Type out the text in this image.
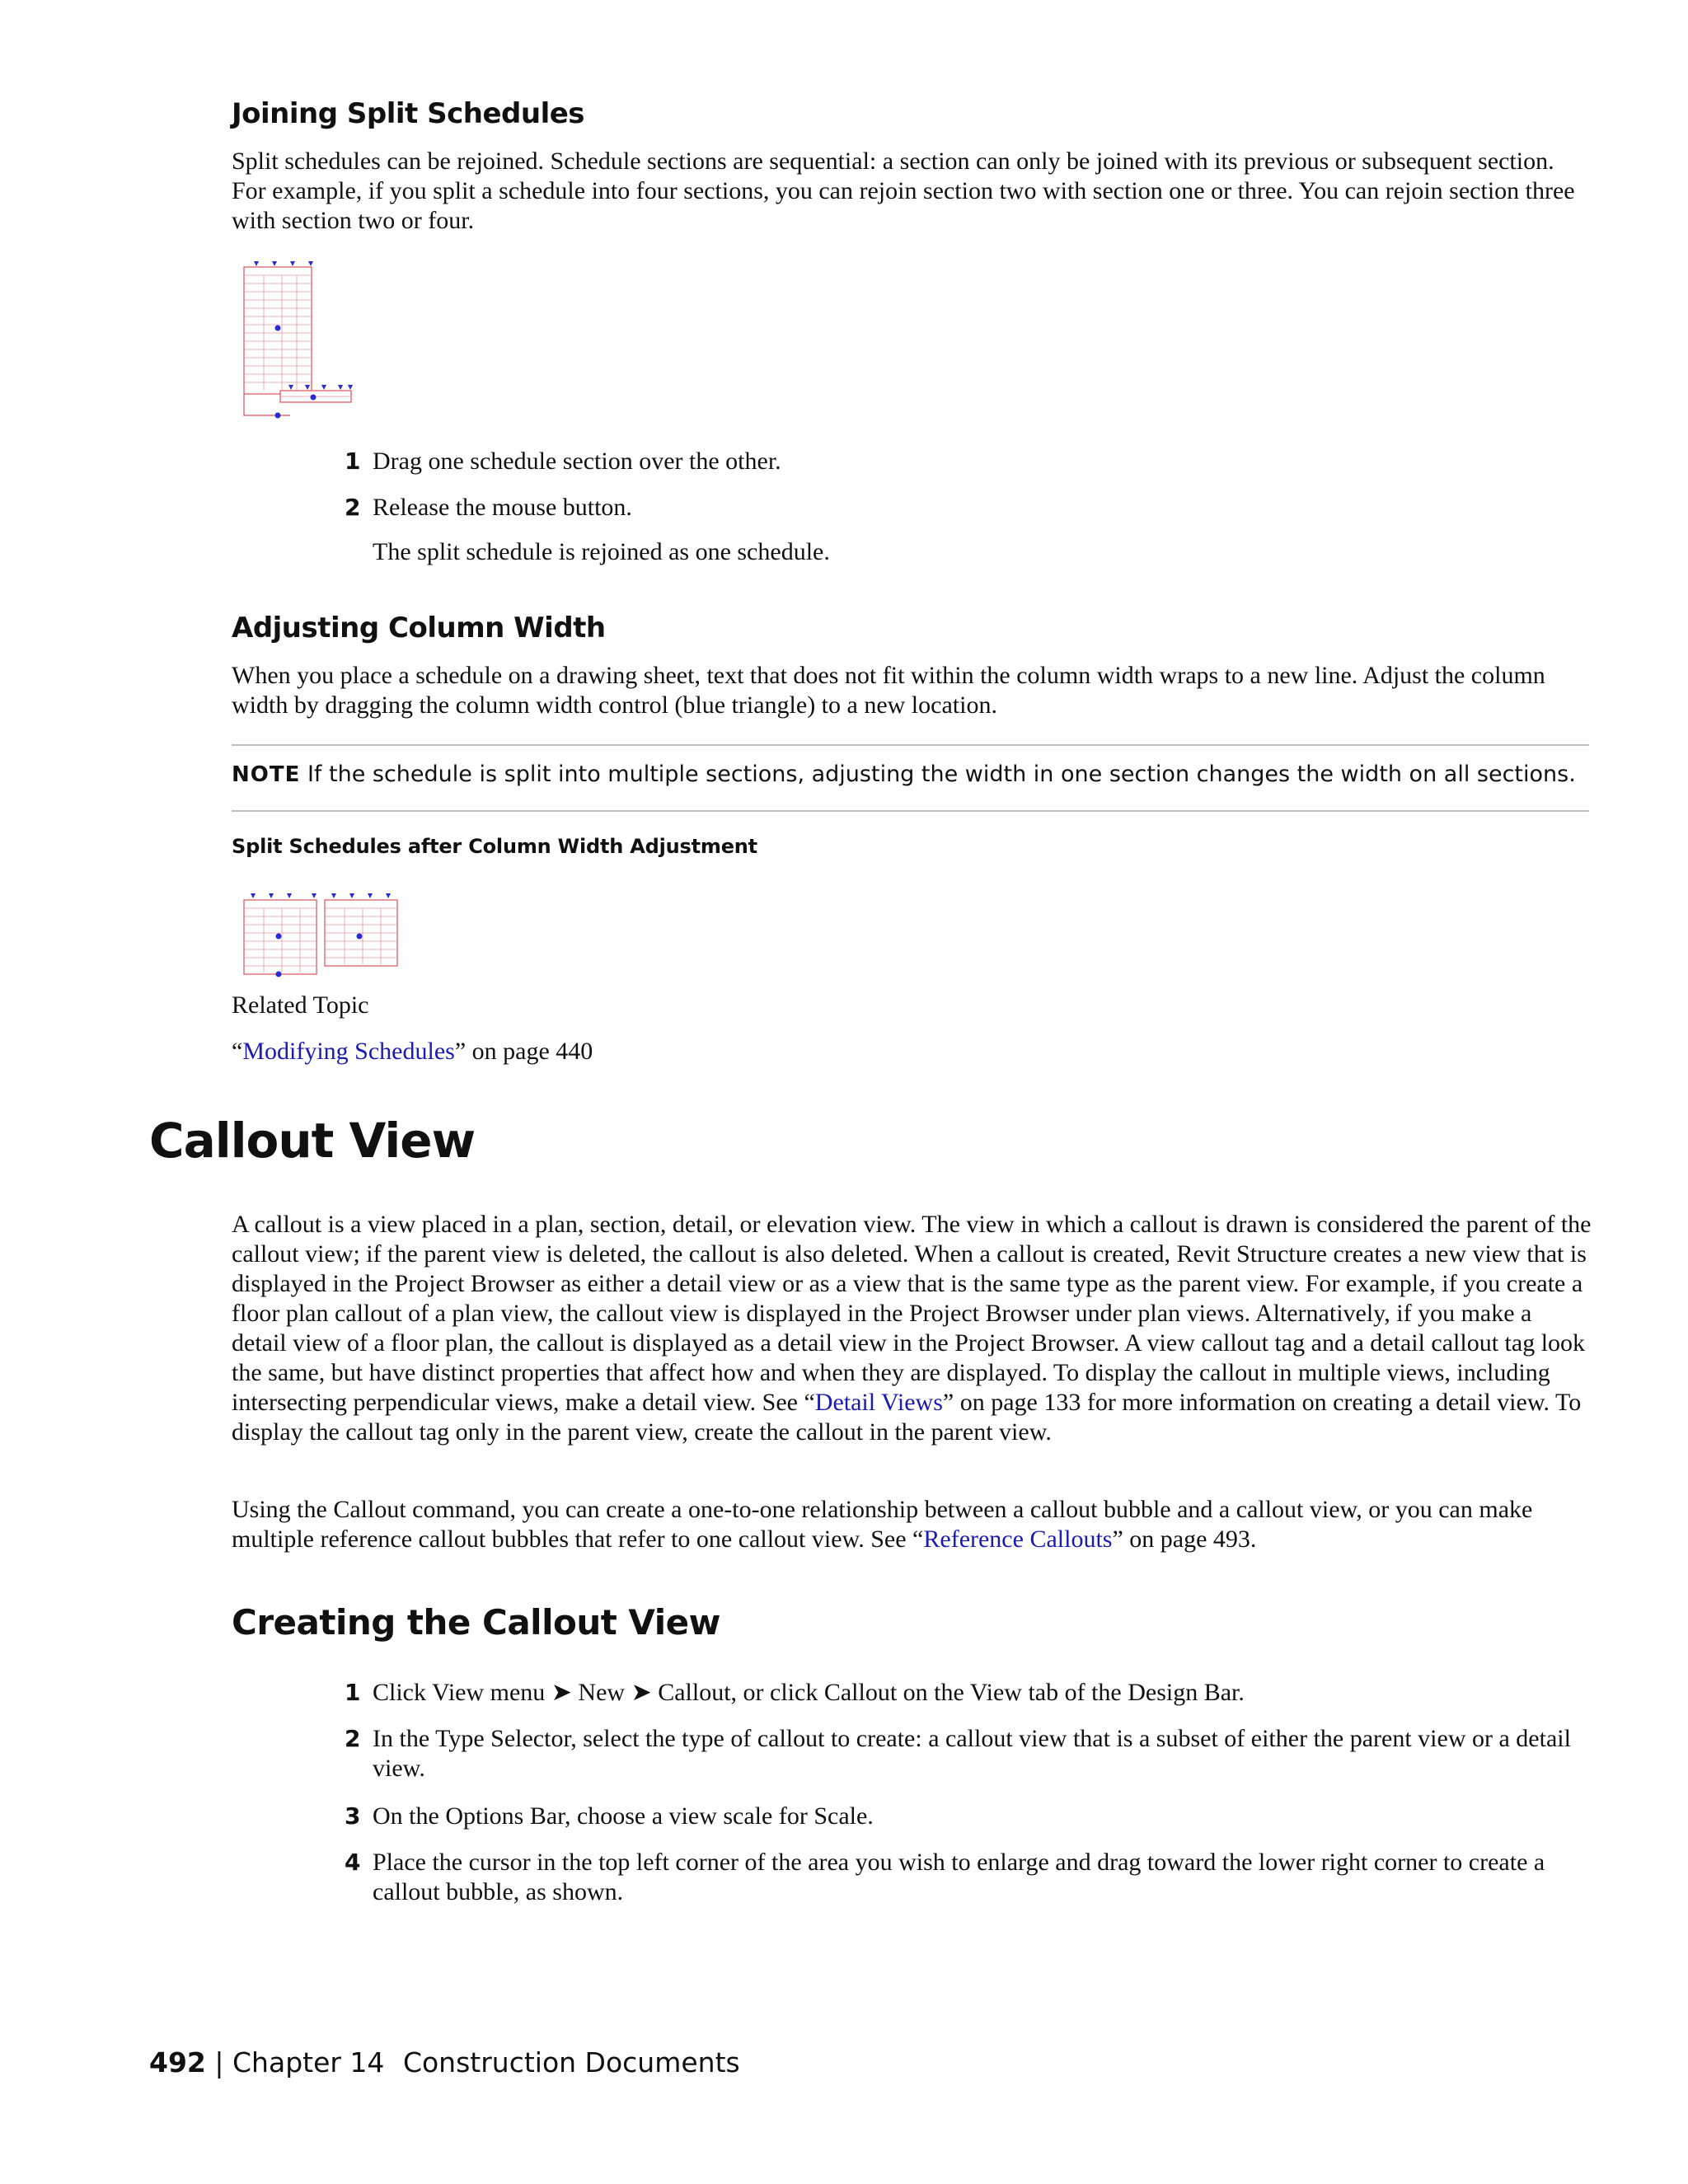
Joining Split Schedules

Split schedules can be rejoined. Schedule sections are sequential: a section can only be joined with its previous or subsequent section. For example, if you split a schedule into four sections, you can rejoin section two with section one or three. You can rejoin section three with section two or four.

1 Drag one schedule section over the other.
2 Release the mouse button.

The split schedule is rejoined as one schedule.

Adjusting Column Width

When you place a schedule on a drawing sheet, text that does not fit within the column width wraps to a new line. Adjust the column width by dragging the column width control (blue triangle) to a new location.

NOTE If the schedule is split into multiple sections, adjusting the width in one section changes the width on all sections.
Split Schedules after Column Width Adjustment

Related Topic

“Modifying Schedules” on page 440

Callout View

A callout is a view placed in a plan, section, detail, or elevation view. The view in which a callout is drawn is considered the parent of the callout view; if the parent view is deleted, the callout is also deleted. When a callout is created, Revit Structure creates a new view that is displayed in the Project Browser as either a detail view or as a view that is the same type as the parent view. For example, if you create a floor plan callout of a plan view, the callout view is displayed in the Project Browser under plan views. Alternatively, if you make a detail view of a floor plan, the callout is displayed as a detail view in the Project Browser. A view callout tag and a detail callout tag look the same, but have distinct properties that affect how and when they are displayed. To display the callout in multiple views, including intersecting perpendicular views, make a detail view. See “Detail Views” on page 133 for more information on creating a detail view. To display the callout tag only in the parent view, create the callout in the parent view.

Using the Callout command, you can create a one-to-one relationship between a callout bubble and a callout view, or you can make multiple reference callout bubbles that refer to one callout view. See “Reference Callouts” on page 493.

Creating the Callout View
1 Click View menu ➤ New ➤ Callout, or click Callout on the View tab of the Design Bar.
2 In the Type Selector, select the type of callout to create: a callout view that is a subset of either the parent view or a detail view.
3 On the Options Bar, choose a view scale for Scale.
4 Place the cursor in the top left corner of the area you wish to enlarge and drag toward the lower right corner to create a callout bubble, as shown.
492 | Chapter 14 Construction Documents
